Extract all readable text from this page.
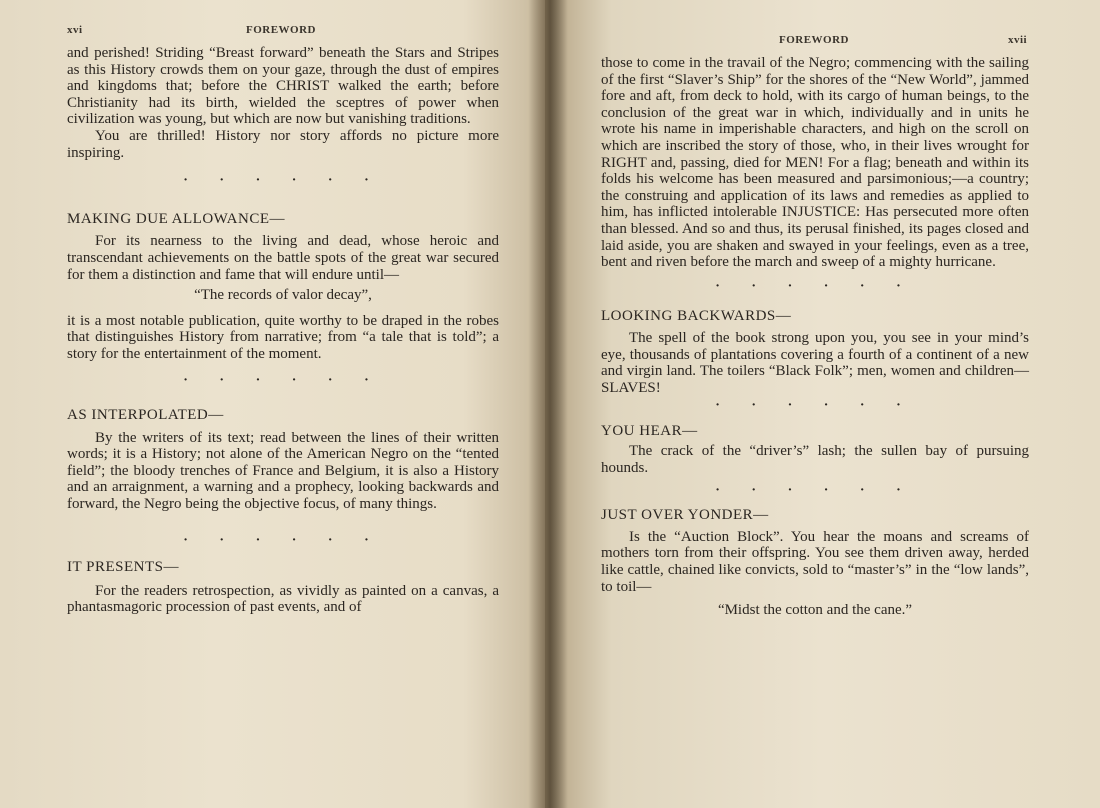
xvi	FOREWORD

and perished! Striding “Breast forward” beneath the Stars and Stripes as this History crowds them on your gaze, through the dust of empires and kingdoms that; before the CHRIST walked the earth; before Christianity had its birth, wielded the sceptres of power when civilization was young, but which are now but vanishing traditions.

You are thrilled! History nor story affords no picture more inspiring.

· · · · · ·

MAKING DUE ALLOWANCE—

For its nearness to the living and dead, whose heroic and transcendant achievements on the battle spots of the great war secured for them a distinction and fame that will endure until—

“The records of valor decay”,

it is a most notable publication, quite worthy to be draped in the robes that distinguishes History from narrative; from “a tale that is told”; a story for the entertainment of the moment.

· · · · · ·

AS INTERPOLATED—

By the writers of its text; read between the lines of their written words; it is a History; not alone of the American Negro on the “tented field”; the bloody trenches of France and Belgium, it is also a History and an arraignment, a warning and a prophecy, looking backwards and forward, the Negro being the objective focus, of many things.

· · · · · ·

IT PRESENTS—

For the readers retrospection, as vividly as painted on a canvas, a phantasmagoric procession of past events, and of

FOREWORD	xvii

those to come in the travail of the Negro; commencing with the sailing of the first “Slaver’s Ship” for the shores of the “New World”, jammed fore and aft, from deck to hold, with its cargo of human beings, to the conclusion of the great war in which, individually and in units he wrote his name in imperishable characters, and high on the scroll on which are inscribed the story of those, who, in their lives wrought for RIGHT and, passing, died for MEN! For a flag; beneath and within its folds his welcome has been measured and parsimonious;—a country; the construing and application of its laws and remedies as applied to him, has inflicted intolerable INJUSTICE: Has persecuted more often than blessed. And so and thus, its perusal finished, its pages closed and laid aside, you are shaken and swayed in your feelings, even as a tree, bent and riven before the march and sweep of a mighty hurricane.

· · · · · ·

LOOKING BACKWARDS—

The spell of the book strong upon you, you see in your mind’s eye, thousands of plantations covering a fourth of a continent of a new and virgin land. The toilers “Black Folk”; men, women and children—SLAVES!

· · · · · ·

YOU HEAR—

The crack of the “driver’s” lash; the sullen bay of pursuing hounds.

· · · · · ·

JUST OVER YONDER—

Is the “Auction Block”. You hear the moans and screams of mothers torn from their offspring. You see them driven away, herded like cattle, chained like convicts, sold to “master’s” in the “low lands”, to toil—

“Midst the cotton and the cane.”
